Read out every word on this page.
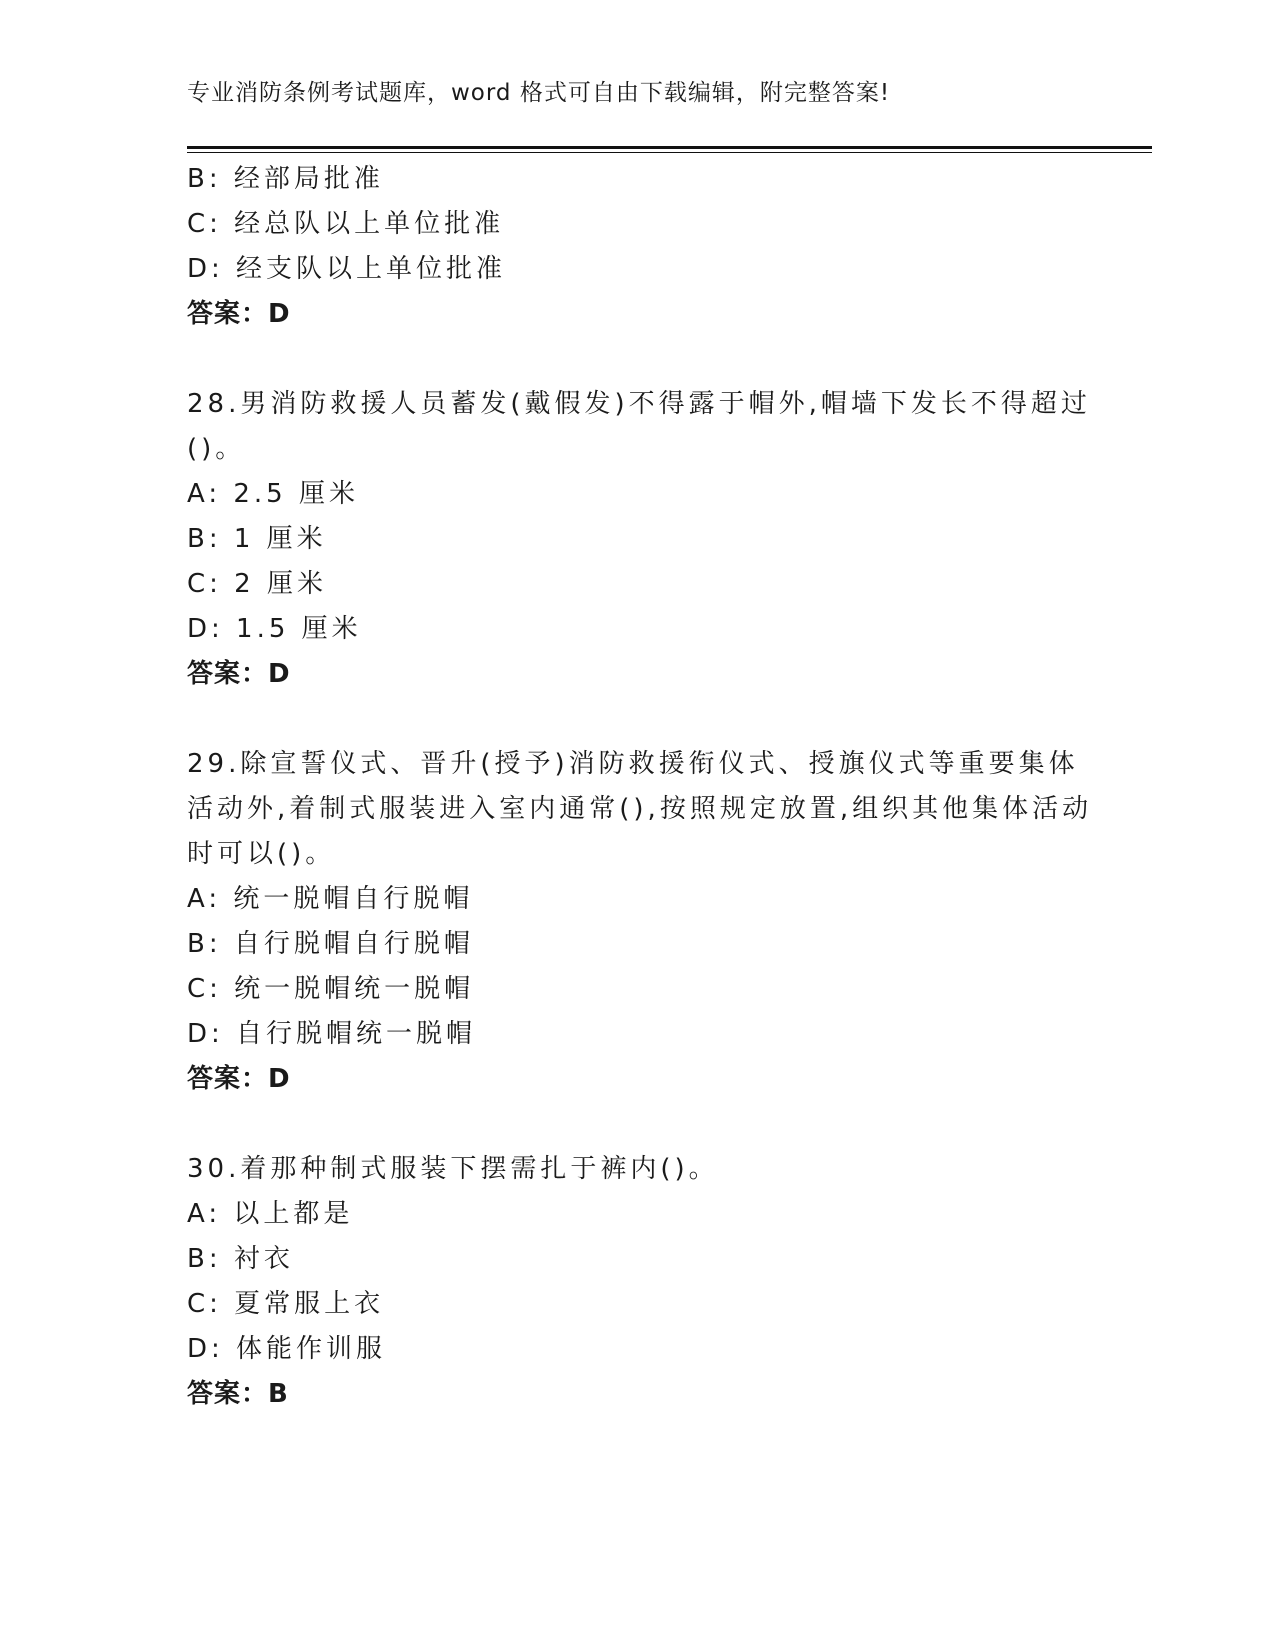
专业消防条例考试题库，word 格式可自由下载编辑，附完整答案!
B: 经部局批准
C: 经总队以上单位批准
D: 经支队以上单位批准
答案：D
28.男消防救援人员蓄发(戴假发)不得露于帽外,帽墙下发长不得超过
()。
A: 2.5 厘米
B: 1 厘米
C: 2 厘米
D: 1.5 厘米
答案：D
29.除宣誓仪式、晋升(授予)消防救援衔仪式、授旗仪式等重要集体
活动外,着制式服装进入室内通常(),按照规定放置,组织其他集体活动
时可以()。
A: 统一脱帽自行脱帽
B: 自行脱帽自行脱帽
C: 统一脱帽统一脱帽
D: 自行脱帽统一脱帽
答案：D
30.着那种制式服装下摆需扎于裤内()。
A: 以上都是
B: 衬衣
C: 夏常服上衣
D: 体能作训服
答案：B
